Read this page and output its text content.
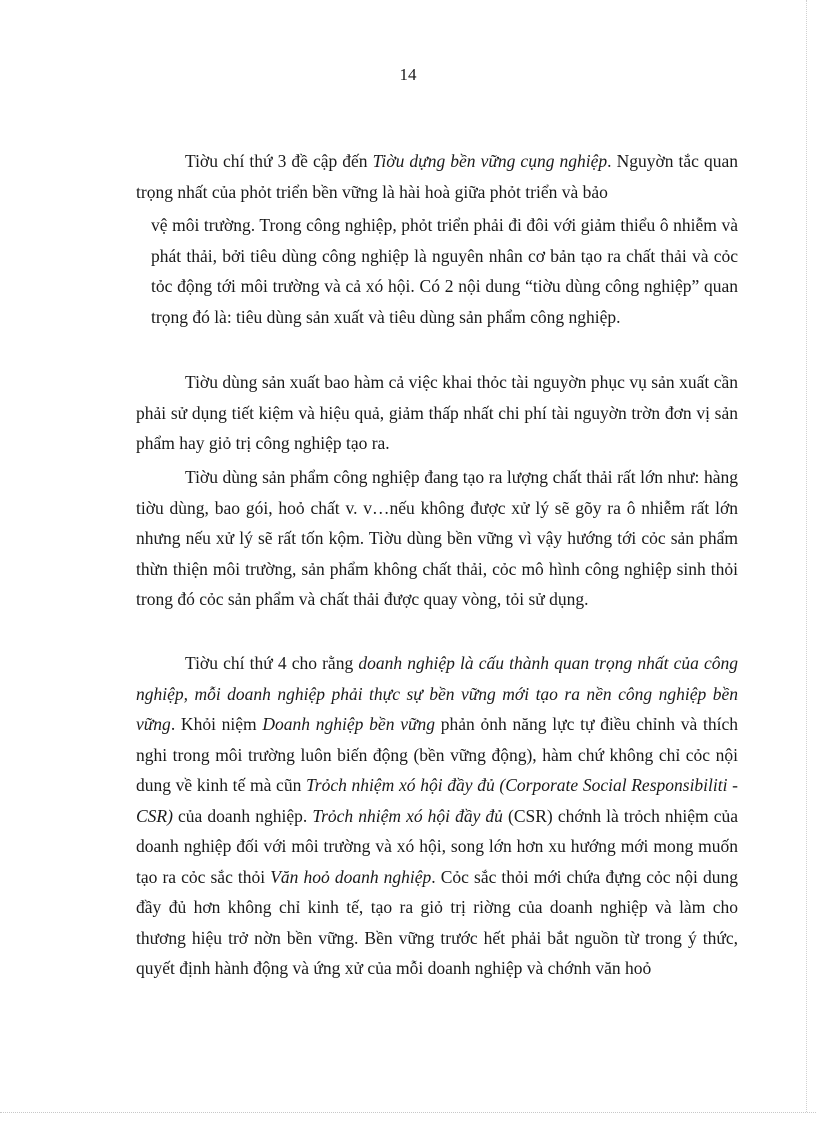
14
Tiờu chí thứ 3 đề cập đến Tiờu dựng bền vững cụng nghiệp. Nguyờn tắc quan trọng nhất của phỏt triển bền vững là hài hoà giữa phỏt triển và bảo
vệ môi trường. Trong công nghiệp, phỏt triển phải đi đôi với giảm thiểu ô nhiễm và phát thải, bởi tiêu dùng công nghiệp là nguyên nhân cơ bản tạo ra chất thải và cỏc tỏc động tới môi trường và cả xó hội. Có 2 nội dung “tiờu dùng công nghiệp” quan trọng đó là: tiêu dùng sản xuất và tiêu dùng sản phẩm công nghiệp.
Tiờu dùng sản xuất bao hàm cả việc khai thỏc tài nguyờn phục vụ sản xuất cần phải sử dụng tiết kiệm và hiệu quả, giảm thấp nhất chi phí tài nguyờn trờn đơn vị sản phẩm hay giỏ trị công nghiệp tạo ra.
Tiờu dùng sản phẩm công nghiệp đang tạo ra lượng chất thải rất lớn như: hàng tiờu dùng, bao gói, hoỏ chất v. v…nếu không được xử lý sẽ gõy ra ô nhiễm rất lớn nhưng nếu xử lý sẽ rất tốn kộm. Tiờu dùng bền vững vì vậy hướng tới cỏc sản phẩm thừn thiện môi trường, sản phẩm không chất thải, cỏc mô hình công nghiệp sinh thỏi trong đó cỏc sản phẩm và chất thải được quay vòng, tỏi sử dụng.
Tiờu chí thứ 4 cho rằng doanh nghiệp là cấu thành quan trọng nhất của công nghiệp, mỗi doanh nghiệp phải thực sự bền vững mới tạo ra nền công nghiệp bền vững. Khỏi niệm Doanh nghiệp bền vững phản ỏnh năng lực tự điều chỉnh và thích nghi trong môi trường luôn biến động (bền vững động), hàm chứ không chỉ cỏc nội dung về kinh tế mà cũn Trỏch nhiệm xó hội đầy đủ (Corporate Social Responsibiliti - CSR) của doanh nghiệp. Trỏch nhiệm xó hội đầy đủ (CSR) chớnh là trỏch nhiệm của doanh nghiệp đối với môi trường và xó hội, song lớn hơn xu hướng mới mong muốn tạo ra cỏc sắc thỏi Văn hoỏ doanh nghiệp. Cỏc sắc thỏi mới chứa đựng cỏc nội dung đầy đủ hơn không chỉ kinh tế, tạo ra giỏ trị riờng của doanh nghiệp và làm cho thương hiệu trở nờn bền vững. Bền vững trước hết phải bắt nguồn từ trong ý thức, quyết định hành động và ứng xử của mỗi doanh nghiệp và chớnh văn hoỏ
